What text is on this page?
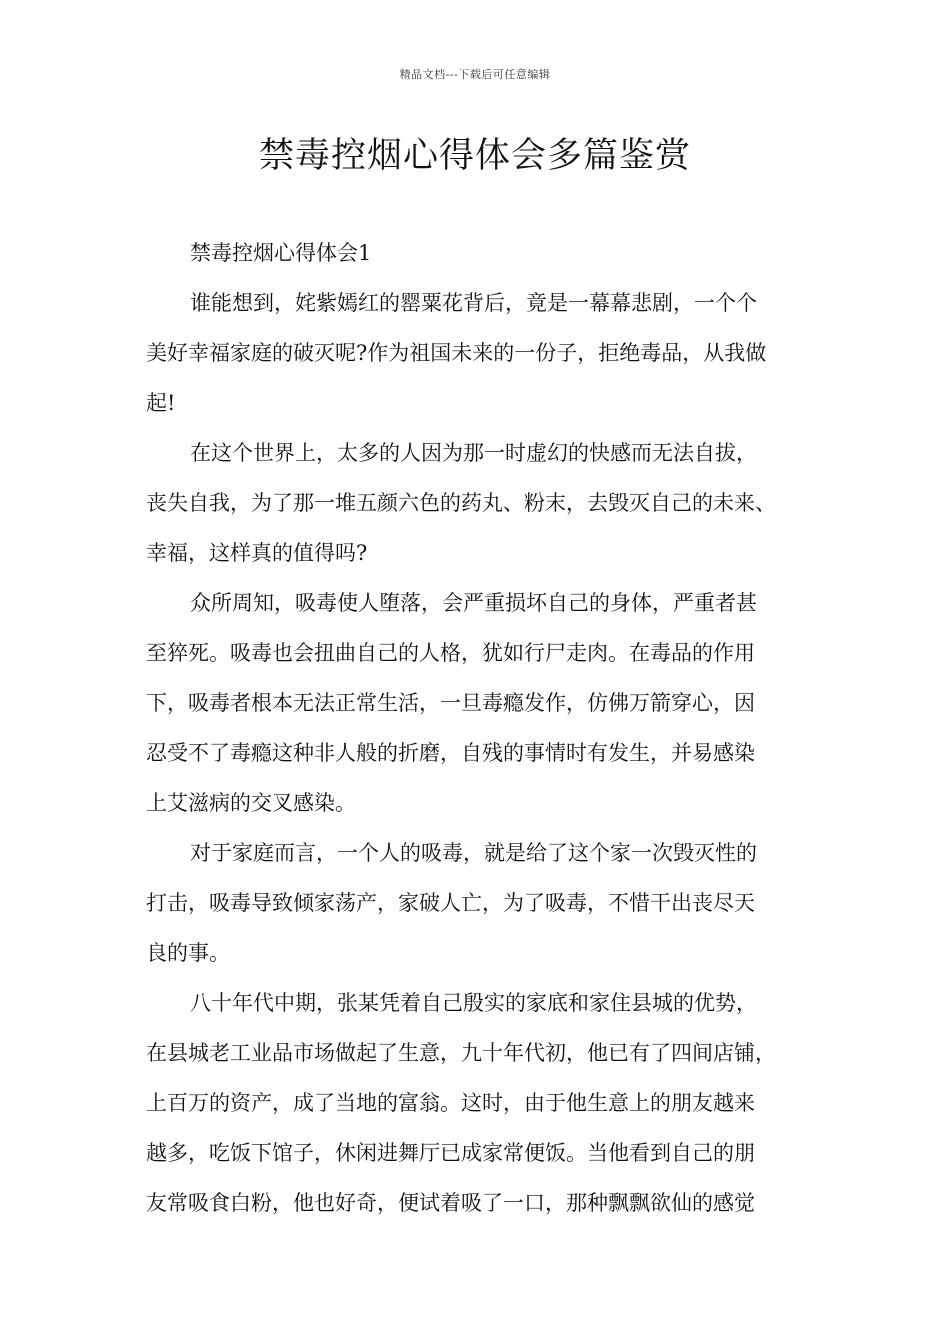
精品文档---下载后可任意编辑
禁毒控烟心得体会多篇鉴赏
禁毒控烟心得体会1
谁能想到，姹紫嫣红的罂粟花背后，竟是一幕幕悲剧，一个个
美好幸福家庭的破灭呢?作为祖国未来的一份子，拒绝毒品，从我做
起!
在这个世界上，太多的人因为那一时虚幻的快感而无法自拔，
丧失自我，为了那一堆五颜六色的药丸、粉末，去毁灭自己的未来、
幸福，这样真的值得吗?
众所周知，吸毒使人堕落，会严重损坏自己的身体，严重者甚
至猝死。吸毒也会扭曲自己的人格，犹如行尸走肉。在毒品的作用
下，吸毒者根本无法正常生活，一旦毒瘾发作，仿佛万箭穿心，因
忍受不了毒瘾这种非人般的折磨，自残的事情时有发生，并易感染
上艾滋病的交叉感染。
对于家庭而言，一个人的吸毒，就是给了这个家一次毁灭性的
打击，吸毒导致倾家荡产，家破人亡，为了吸毒，不惜干出丧尽天
良的事。
八十年代中期，张某凭着自己殷实的家底和家住县城的优势，
在县城老工业品市场做起了生意，九十年代初，他已有了四间店铺，
上百万的资产，成了当地的富翁。这时，由于他生意上的朋友越来
越多，吃饭下馆子，休闲进舞厅已成家常便饭。当他看到自己的朋
友常吸食白粉，他也好奇，便试着吸了一口，那种飘飘欲仙的感觉
